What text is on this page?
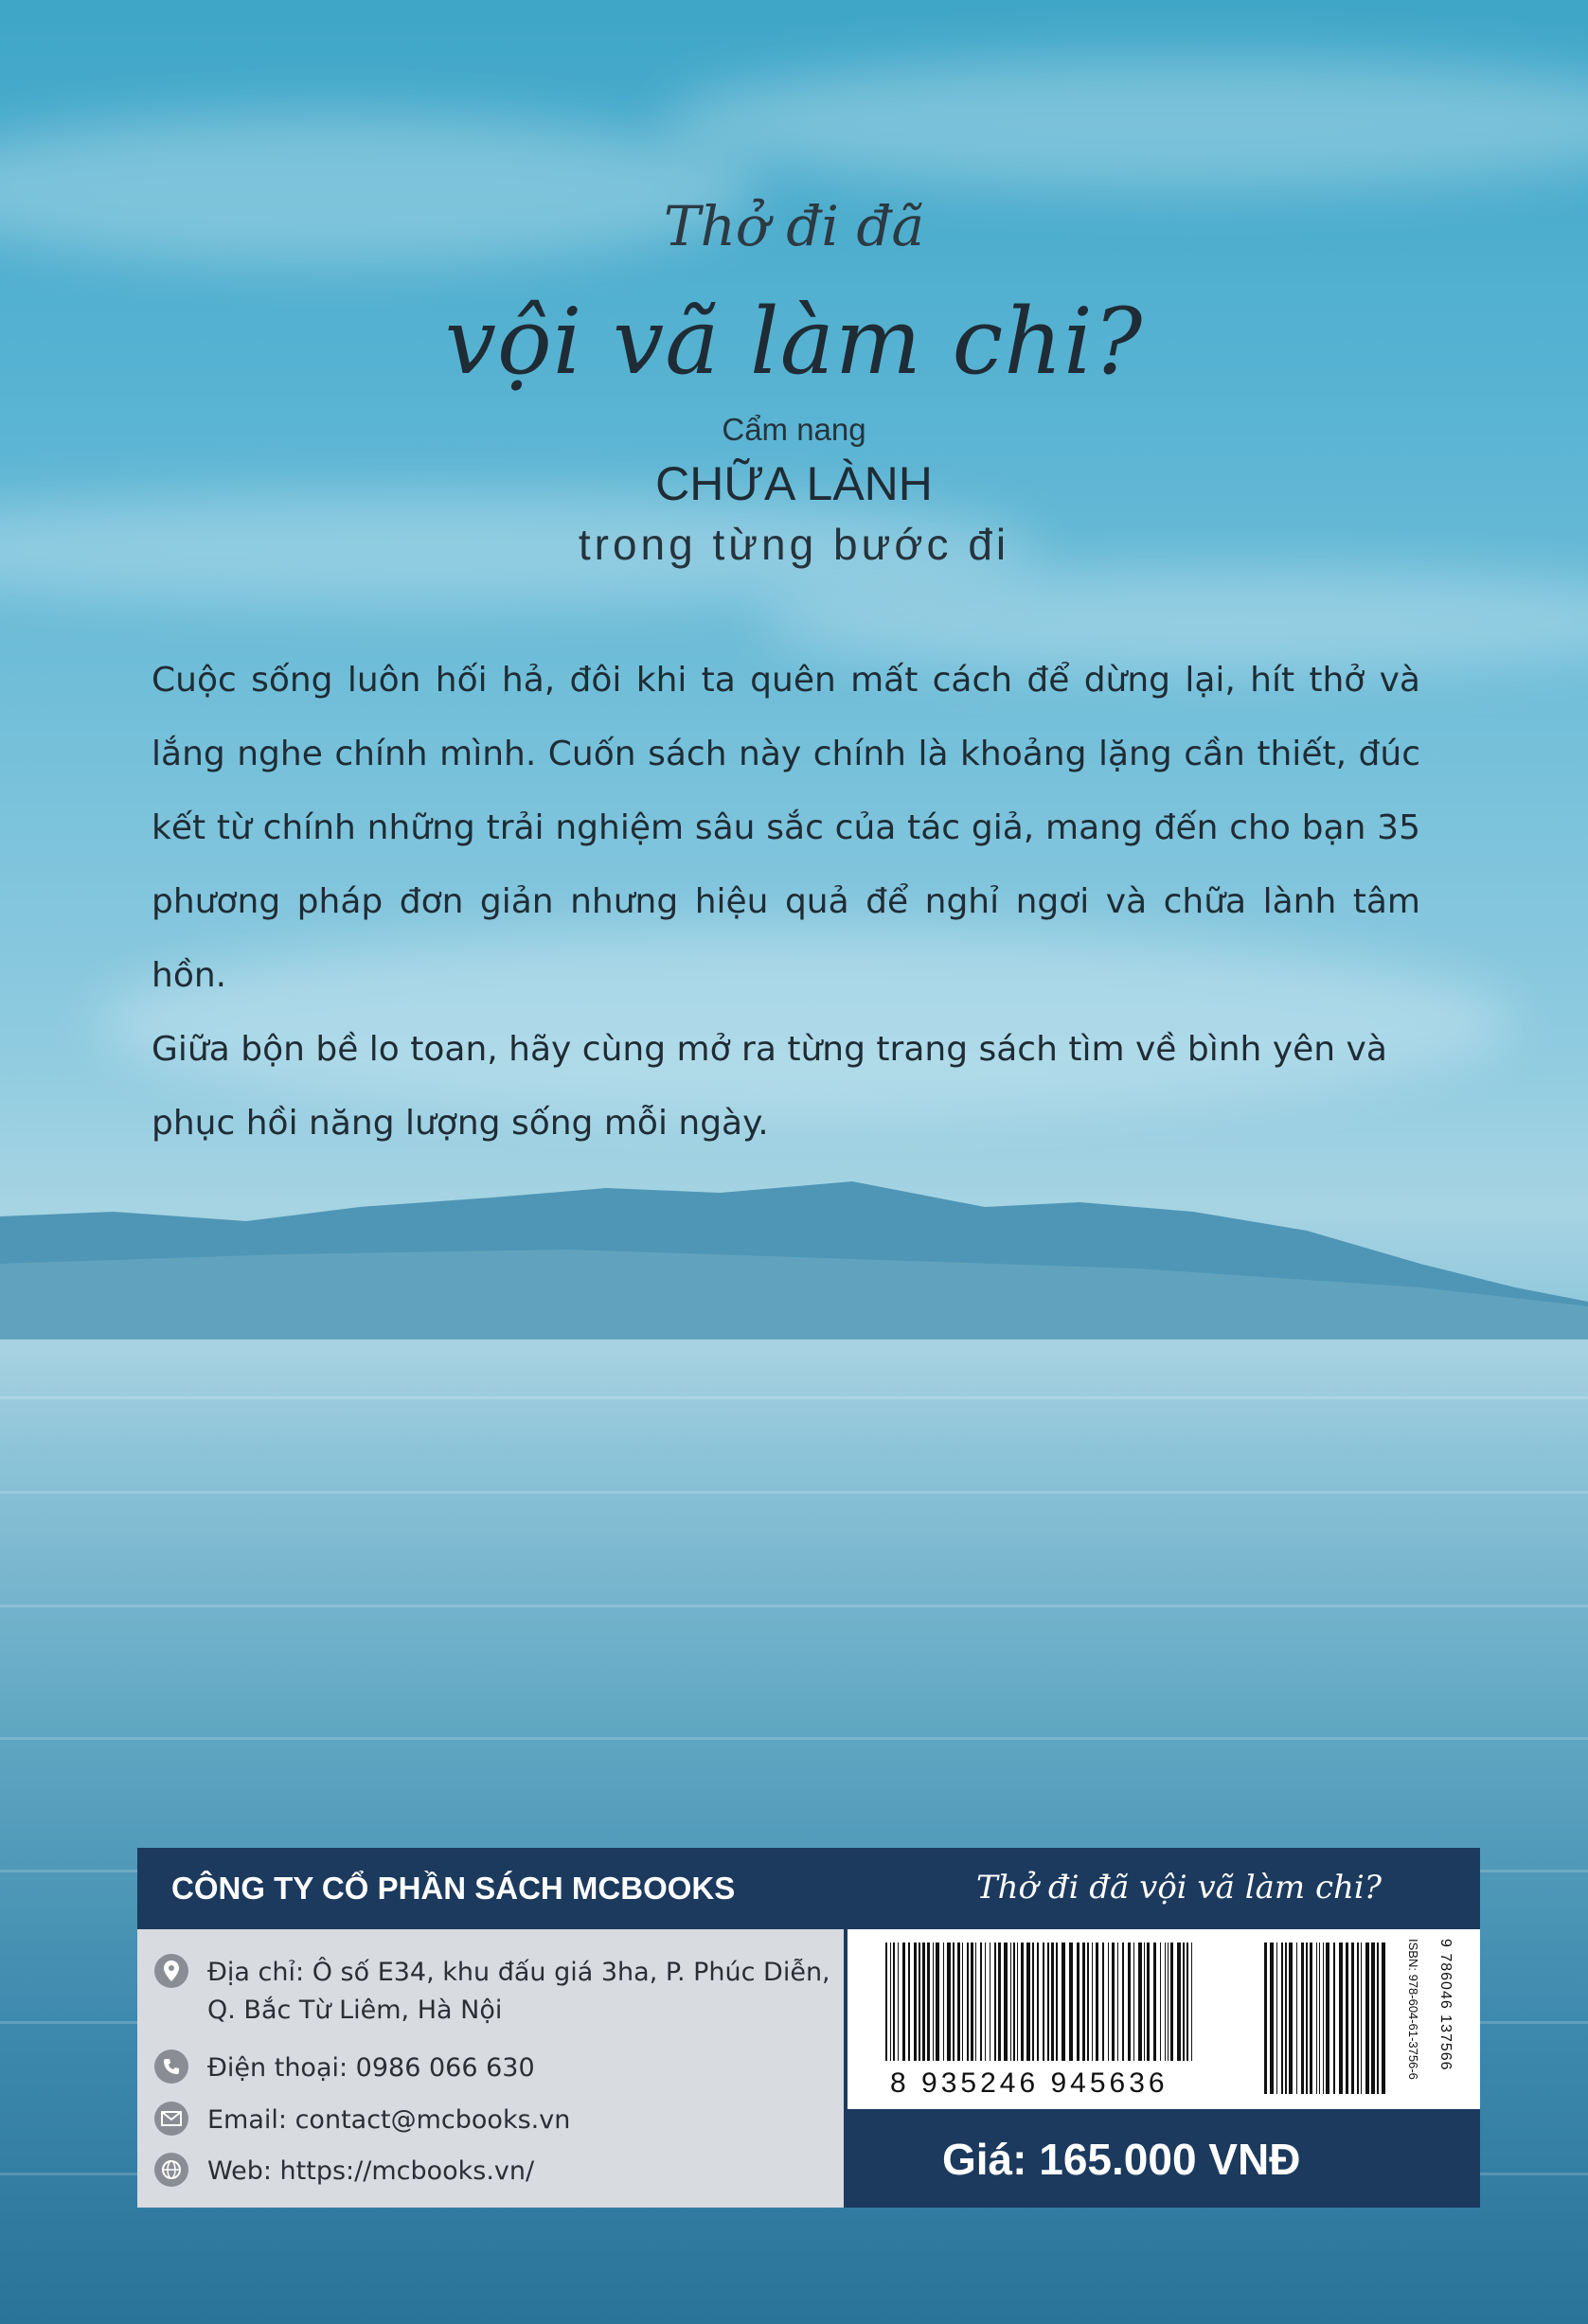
Thở đi đã
vội vã làm chi?
Cẩm nang
CHỮA LÀNH
trong từng bước đi

Cuộc sống luôn hối hả, đôi khi ta quên mất cách để dừng lại, hít thở và lắng nghe chính mình. Cuốn sách này chính là khoảng lặng cần thiết, đúc kết từ chính những trải nghiệm sâu sắc của tác giả, mang đến cho bạn 35 phương pháp đơn giản nhưng hiệu quả để nghỉ ngơi và chữa lành tâm hồn.

Giữa bộn bề lo toan, hãy cùng mở ra từng trang sách tìm về bình yên và phục hồi năng lượng sống mỗi ngày.

CÔNG TY CỔ PHẦN SÁCH MCBOOKS	Thở đi đã vội vã làm chi?
Địa chỉ: Ô số E34, khu đấu giá 3ha, P. Phúc Diễn,
Q. Bắc Từ Liêm, Hà Nội
Điện thoại: 0986 066 630
Email: contact@mcbooks.vn
Web: https://mcbooks.vn/
8 935246 945636
ISBN: 978-604-61-3756-6	9 786046 137566
Giá: 165.000 VNĐ
